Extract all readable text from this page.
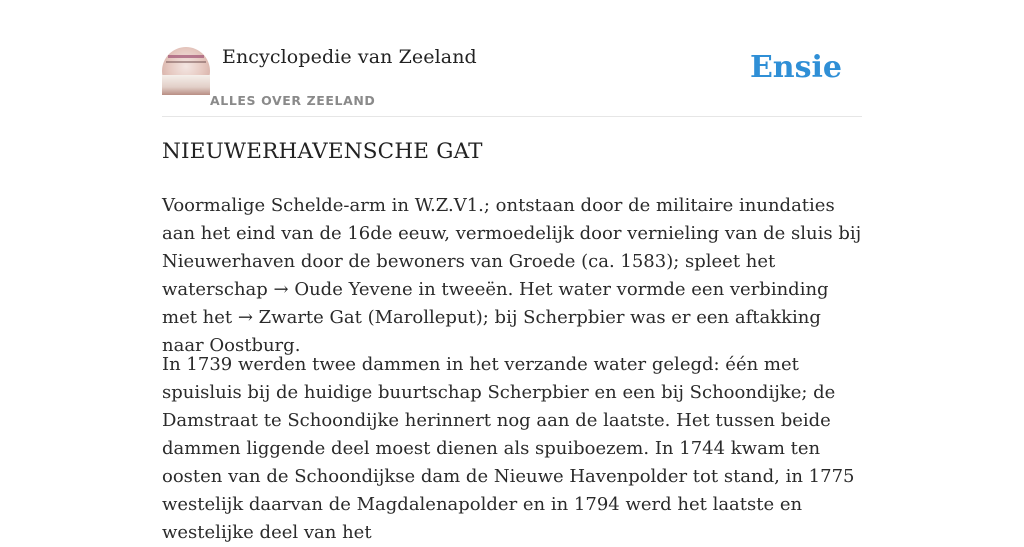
Encyclopedie van Zeeland
ALLES OVER ZEELAND
Ensie
NIEUWERHAVENSCHE GAT

Voormalige Schelde-arm in W.Z.V1.; ontstaan door de militaire inundaties aan het eind van de 16de eeuw, vermoedelijk door vernieling van de sluis bij Nieuwerhaven door de bewoners van Groede (ca. 1583); spleet het waterschap → Oude Yevene in tweeën. Het water vormde een verbinding met het → Zwarte Gat (Marolleput); bij Scherpbier was er een aftakking naar Oostburg.

In 1739 werden twee dammen in het verzande water gelegd: één met spuisluis bij de huidige buurtschap Scherpbier en een bij Schoondijke; de Damstraat te Schoondijke herinnert nog aan de laatste. Het tussen beide dammen liggende deel moest dienen als spuiboezem. In 1744 kwam ten oosten van de Schoondijkse dam de Nieuwe Havenpolder tot stand, in 1775 westelijk daarvan de Magdalenapolder en in 1794 werd het laatste en westelijke deel van het
